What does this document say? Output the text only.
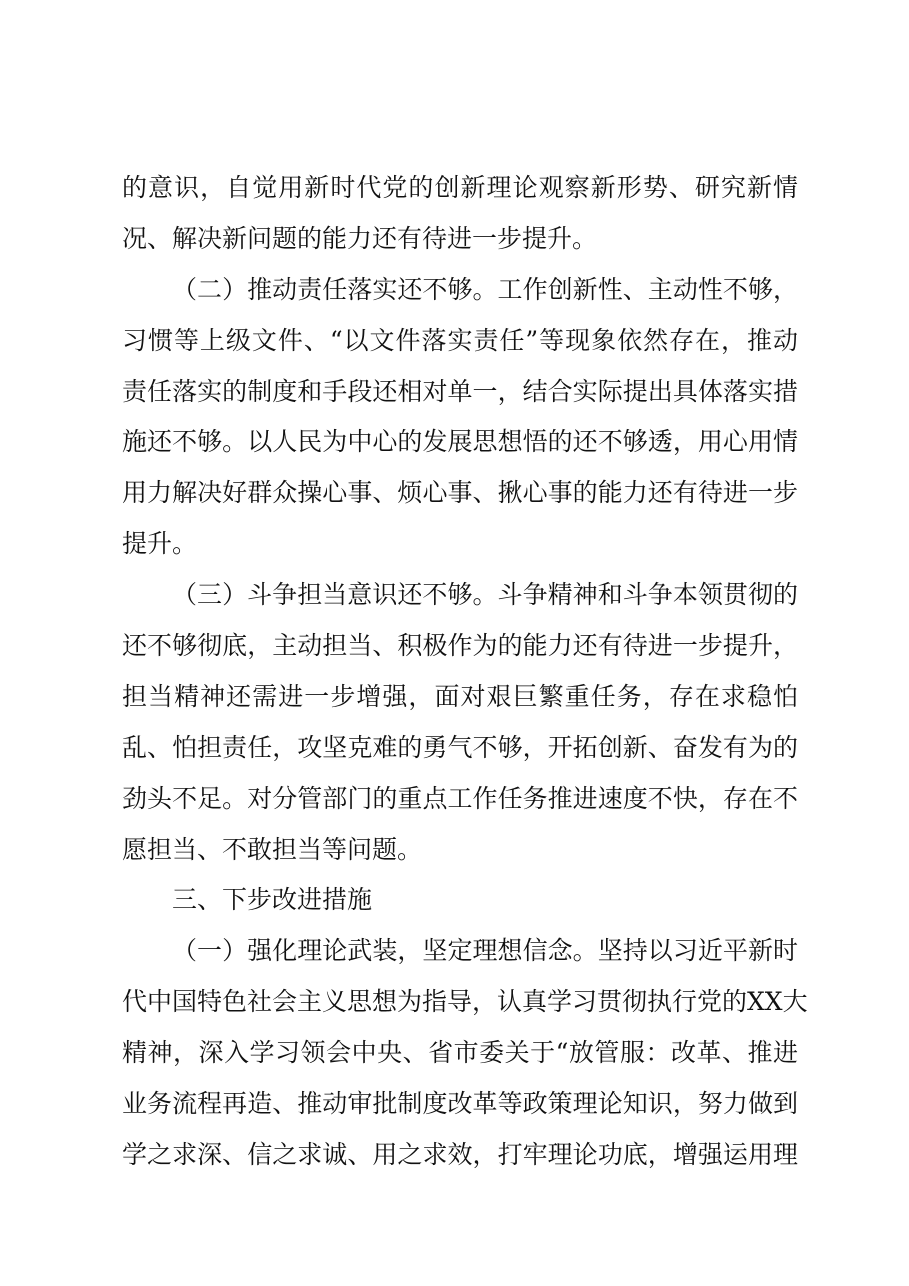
的意识，自觉用新时代党的创新理论观察新形势、研究新情
况、解决新问题的能力还有待进一步提升。
（二）推动责任落实还不够。工作创新性、主动性不够，
习惯等上级文件、“以文件落实责任”等现象依然存在，推动
责任落实的制度和手段还相对单一，结合实际提出具体落实措
施还不够。以人民为中心的发展思想悟的还不够透，用心用情
用力解决好群众操心事、烦心事、揪心事的能力还有待进一步
提升。
（三）斗争担当意识还不够。斗争精神和斗争本领贯彻的
还不够彻底，主动担当、积极作为的能力还有待进一步提升，
担当精神还需进一步增强，面对艰巨繁重任务，存在求稳怕
乱、怕担责任，攻坚克难的勇气不够，开拓创新、奋发有为的
劲头不足。对分管部门的重点工作任务推进速度不快，存在不
愿担当、不敢担当等问题。
三、下步改进措施
（一）强化理论武装，坚定理想信念。坚持以习近平新时
代中国特色社会主义思想为指导，认真学习贯彻执行党的XX大
精神，深入学习领会中央、省市委关于“放管服：改革、推进
业务流程再造、推动审批制度改革等政策理论知识，努力做到
学之求深、信之求诚、用之求效，打牢理论功底，增强运用理
